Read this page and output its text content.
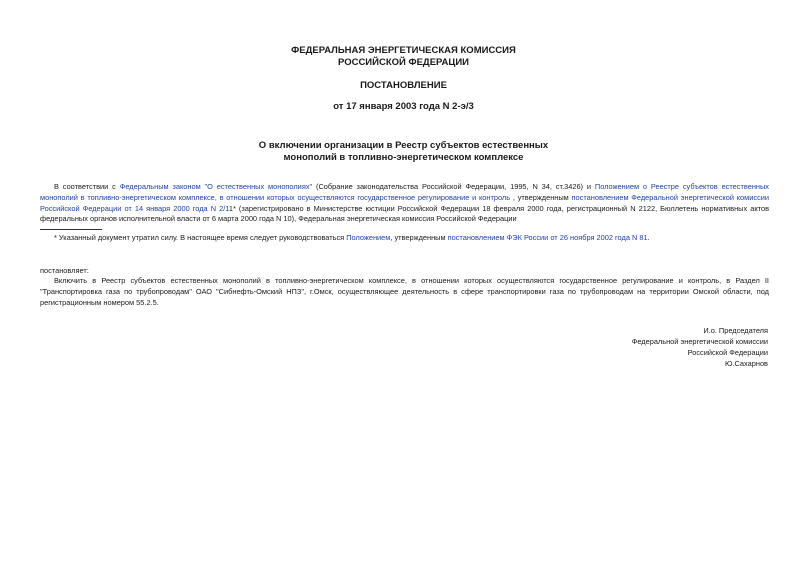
ФЕДЕРАЛЬНАЯ ЭНЕРГЕТИЧЕСКАЯ КОМИССИЯ
РОССИЙСКОЙ ФЕДЕРАЦИИ
ПОСТАНОВЛЕНИЕ
от 17 января 2003 года N 2-э/3
О включении организации в Реестр субъектов естественных
монополий в топливно-энергетическом комплексе
В соответствии с Федеральным законом "О естественных монополиях" (Собрание законодательства Российской Федерации, 1995, N 34, ст.3426) и Положением о Реестре субъектов естественных монополий в топливно-энергетическом комплексе, в отношении которых осуществляются государственное регулирование и контроль , утвержденным постановлением Федеральной энергетической комиссии Российской Федерации от 14 января 2000 года N 2/11* (зарегистрировано в Министерстве юстиции Российской Федерации 18 февраля 2000 года, регистрационный N 2122, Бюллетень нормативных актов федеральных органов исполнительной власти от 6 марта 2000 года N 10), Федеральная энергетическая комиссия Российской Федерации
* Указанный документ утратил силу. В настоящее время следует руководствоваться Положением, утвержденным постановлением ФЭК России от 26 ноября 2002 года N 81.
постановляет:
Включить в Реестр субъектов естественных монополий в топливно-энергетическом комплексе, в отношении которых осуществляются государственное регулирование и контроль, в Раздел II "Транспортировка газа по трубопроводам" ОАО "Сибнефть-Омский НПЗ", г.Омск, осуществляющее деятельность в сфере транспортировки газа по трубопроводам на территории Омской области, под регистрационным номером 55.2.5.
И.о. Председателя
Федеральной энергетической комиссии
Российской Федерации
Ю.Сахарнов
